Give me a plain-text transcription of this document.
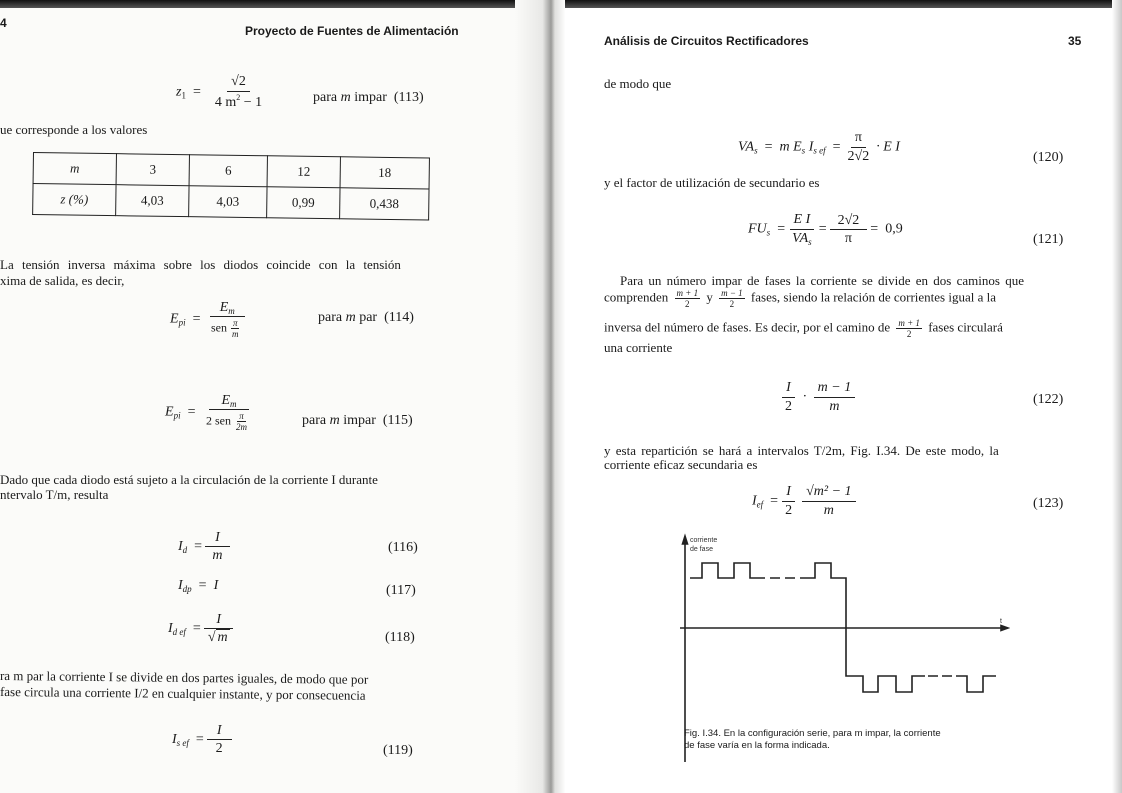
4
Proyecto de Fuentes de Alimentación
$z_1 = \frac{√2}{4 m^2 - 1}$	para m impar (113)
ue corresponde a los valores
m	3	6	12	18
z (%)	4,03	4,03	0,99	0,438
La tensión inversa máxima sobre los diodos coincide con la tensión
xima de salida, es decir,
$E_{pi} = \frac{E_m}{sen \frac{\pi}{m}}$	para m par (114)
$E_{pi} = \frac{E_m}{2 sen \frac{\pi}{2m}}$	para m impar (115)
Dado que cada diodo está sujeto a la circulación de la corriente I durante
ntervalo T/m, resulta
$I_d = \frac{I}{m}$	(116)
$I_{dp} = I$	(117)
$I_{d ef} = \frac{I}{√ m}$	(118)
ra m par la corriente I se divide en dos partes iguales, de modo que por
fase circula una corriente I/2 en cualquier instante, y por consecuencia
$I_{s ef} = \frac{I}{2}$	(119)
Análisis de Circuitos Rectificadores	35
de modo que
$VA_s = m$ $E_s$ $I_{s ef} = \frac{\pi}{2√2} \cdot E$ I
(120)
y el factor de utilización de secundario es
$FU_s = \frac{\text{E I}}{VA_s} = \frac{2√2}{\pi} = 0,9$
(121)
Para un número impar de fases la corriente se divide en dos caminos que
comprenden $\frac{m + 1}{2}$ y $\frac{m - 1}{2}$ fases, siendo la relación de corrientes igual a la
inversa del número de fases. Es decir, por el camino de $\frac{m + 1}{2}$ fases circulará
una corriente
$\frac{I}{2} \cdot \frac{m - 1}{m}$	(122)
y esta repartición se hará a intervalos T/2m, Fig. I.34. De este modo, la
corriente eficaz secundaria es
$I_{ef} = \frac{I}{2} \frac{\text{√m² − 1}}{m}$	(123)
corriente
de fase
t
Fig. I.34. En la configuración serie, para m impar, la corriente
de fase varía en la forma indicada.
